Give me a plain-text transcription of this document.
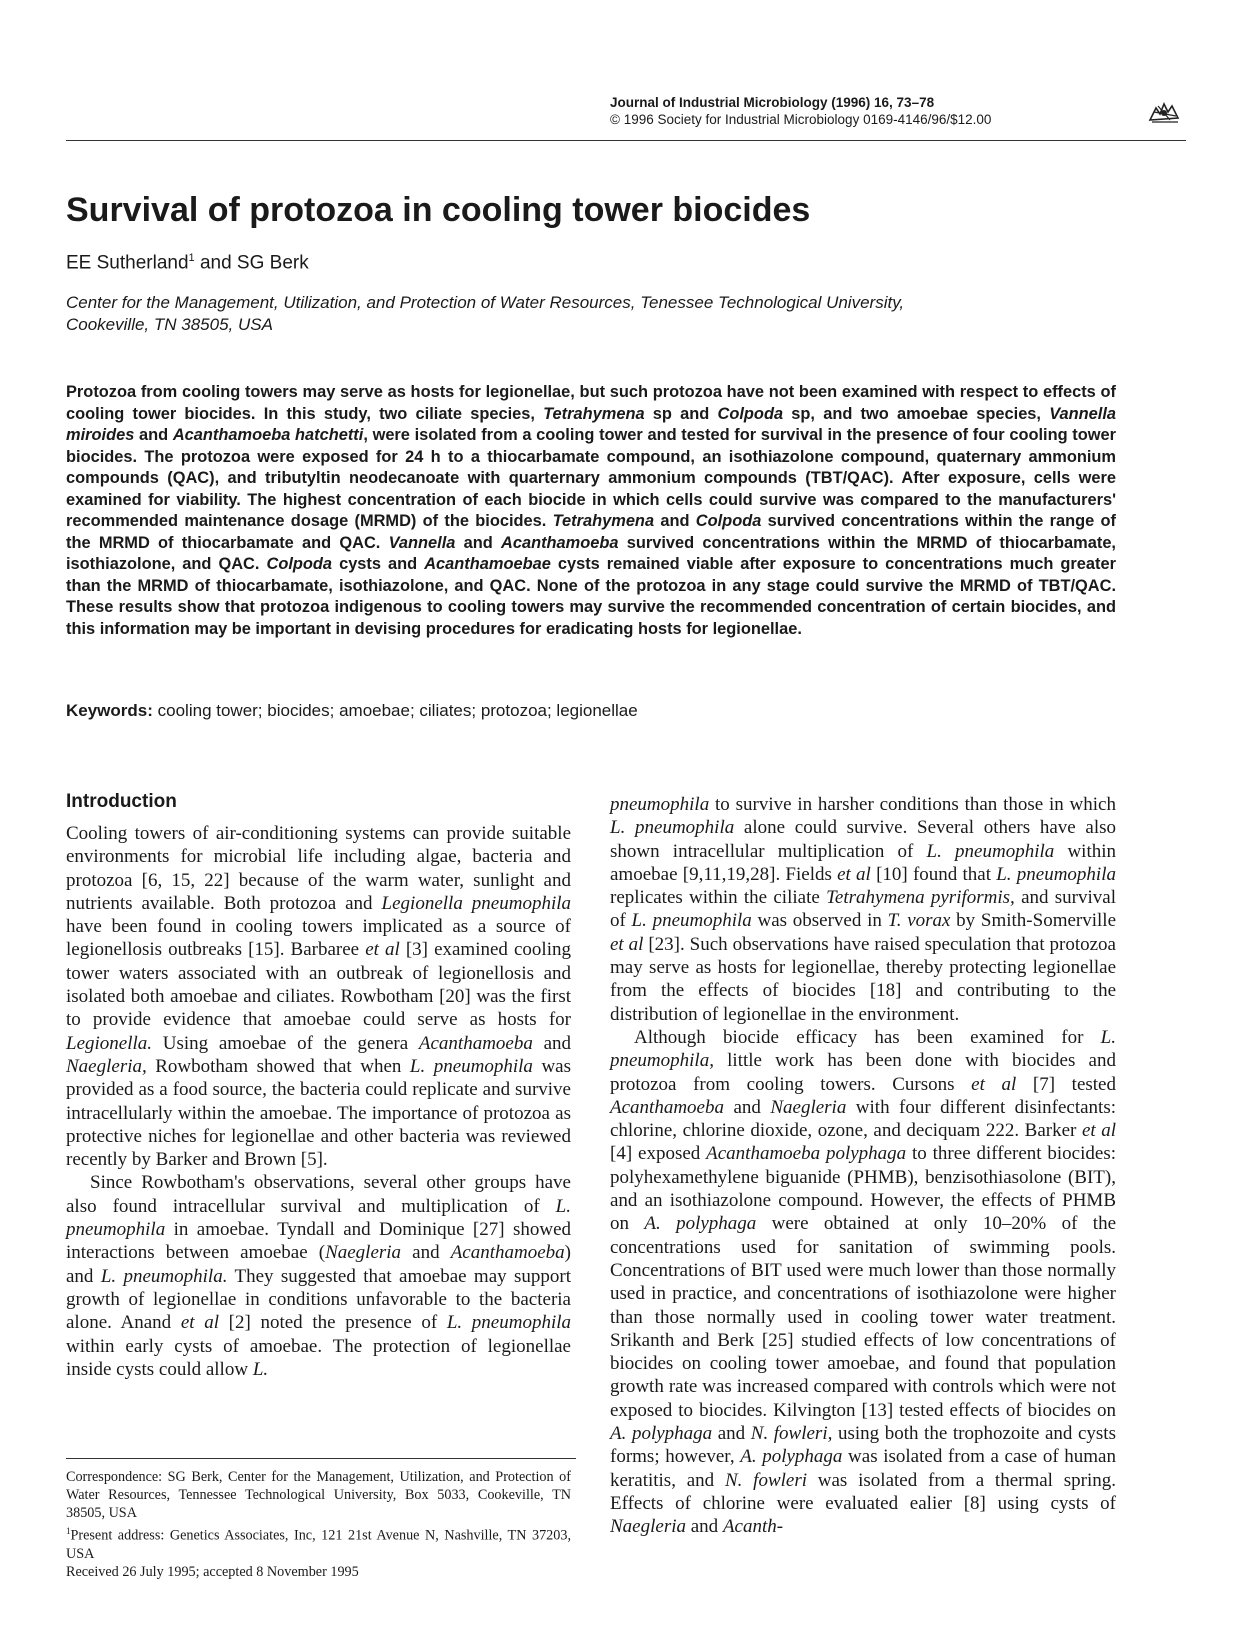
Journal of Industrial Microbiology (1996) 16, 73–78
© 1996 Society for Industrial Microbiology 0169-4146/96/$12.00
Survival of protozoa in cooling tower biocides
EE Sutherland$^1$ and SG Berk
Center for the Management, Utilization, and Protection of Water Resources, Tenessee Technological University,
Cookeville, TN 38505, USA

Protozoa from cooling towers may serve as hosts for legionellae, but such protozoa have not been examined with respect to effects of cooling tower biocides. In this study, two ciliate species, Tetrahymena sp and Colpoda sp, and two amoebae species, Vannella miroides and Acanthamoeba hatchetti, were isolated from a cooling tower and tested for survival in the presence of four cooling tower biocides. The protozoa were exposed for 24 h to a thiocarbamate compound, an isothiazolone compound, quaternary ammonium compounds (QAC), and tributyltin neodecanoate with quarternary ammonium compounds (TBT/QAC). After exposure, cells were examined for viability. The highest concentration of each biocide in which cells could survive was compared to the manufacturers' recommended maintenance dosage (MRMD) of the biocides. Tetrahymena and Colpoda survived concentrations within the range of the MRMD of thiocarbamate and QAC. Vannella and Acanthamoeba survived concentrations within the MRMD of thiocarbamate, isothiazolone, and QAC. Colpoda cysts and Acanthamoebae cysts remained viable after exposure to concentrations much greater than the MRMD of thiocarbamate, isothiazolone, and QAC. None of the protozoa in any stage could survive the MRMD of TBT/QAC. These results show that protozoa indigenous to cooling towers may survive the recommended concentration of certain biocides, and this information may be important in devising procedures for eradicating hosts for legionellae.

Keywords: cooling tower; biocides; amoebae; ciliates; protozoa; legionellae
Introduction

Cooling towers of air-conditioning systems can provide suitable environments for microbial life including algae, bacteria and protozoa [6, 15, 22] because of the warm water, sunlight and nutrients available. Both protozoa and Legionella pneumophila have been found in cooling towers implicated as a source of legionellosis outbreaks [15]. Barbaree et al [3] examined cooling tower waters associated with an outbreak of legionellosis and isolated both amoebae and ciliates. Rowbotham [20] was the first to provide evidence that amoebae could serve as hosts for Legionella. Using amoebae of the genera Acanthamoeba and Naegleria, Rowbotham showed that when L. pneumophila was provided as a food source, the bacteria could replicate and survive intracellularly within the amoebae. The importance of protozoa as protective niches for legionellae and other bacteria was reviewed recently by Barker and Brown [5].

Since Rowbotham's observations, several other groups have also found intracellular survival and multiplication of L. pneumophila in amoebae. Tyndall and Dominique [27] showed interactions between amoebae (Naegleria and Acanthamoeba) and L. pneumophila. They suggested that amoebae may support growth of legionellae in conditions unfavorable to the bacteria alone. Anand et al [2] noted the presence of L. pneumophila within early cysts of amoebae. The protection of legionellae inside cysts could allow L.

pneumophila to survive in harsher conditions than those in which L. pneumophila alone could survive. Several others have also shown intracellular multiplication of L. pneumophila within amoebae [9,11,19,28]. Fields et al [10] found that L. pneumophila replicates within the ciliate Tetrahymena pyriformis, and survival of L. pneumophila was observed in T. vorax by Smith-Somerville et al [23]. Such observations have raised speculation that protozoa may serve as hosts for legionellae, thereby protecting legionellae from the effects of biocides [18] and contributing to the distribution of legionellae in the environment.

Although biocide efficacy has been examined for L. pneumophila, little work has been done with biocides and protozoa from cooling towers. Cursons et al [7] tested Acanthamoeba and Naegleria with four different disinfectants: chlorine, chlorine dioxide, ozone, and deciquam 222. Barker et al [4] exposed Acanthamoeba polyphaga to three different biocides: polyhexamethylene biguanide (PHMB), benzisothiasolone (BIT), and an isothiazolone compound. However, the effects of PHMB on A. polyphaga were obtained at only 10–20% of the concentrations used for sanitation of swimming pools. Concentrations of BIT used were much lower than those normally used in practice, and concentrations of isothiazolone were higher than those normally used in cooling tower water treatment. Srikanth and Berk [25] studied effects of low concentrations of biocides on cooling tower amoebae, and found that population growth rate was increased compared with controls which were not exposed to biocides. Kilvington [13] tested effects of biocides on A. polyphaga and N. fowleri, using both the trophozoite and cysts forms; however, A. polyphaga was isolated from a case of human keratitis, and N. fowleri was isolated from a thermal spring. Effects of chlorine were evaluated ealier [8] using cysts of Naegleria and Acanth-

Correspondence: SG Berk, Center for the Management, Utilization, and Protection of Water Resources, Tennessee Technological University, Box 5033, Cookeville, TN 38505, USA

$^1$Present address: Genetics Associates, Inc, 121 21st Avenue N, Nashville, TN 37203, USA

Received 26 July 1995; accepted 8 November 1995
